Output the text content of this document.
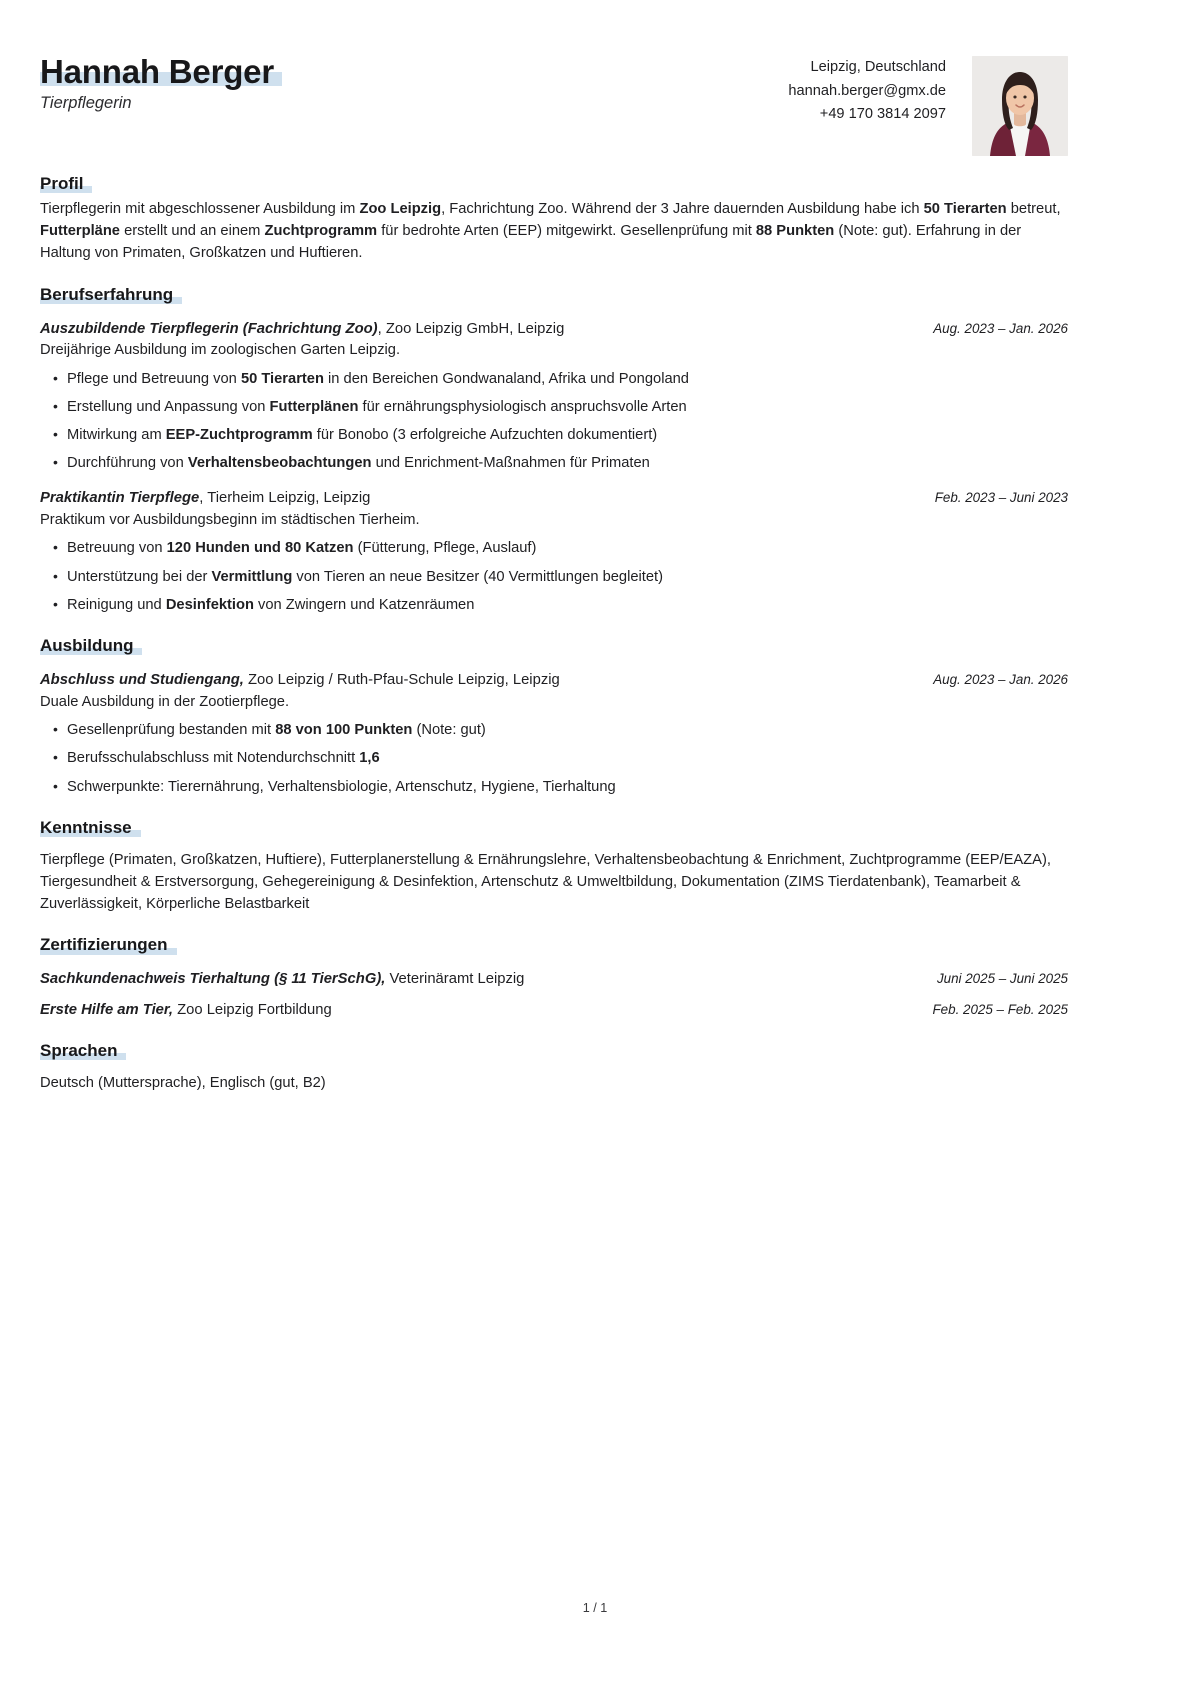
Hannah Berger
Tierpflegerin
Leipzig, Deutschland
hannah.berger@gmx.de
+49 170 3814 2097
Profil
Tierpflegerin mit abgeschlossener Ausbildung im Zoo Leipzig, Fachrichtung Zoo. Während der 3 Jahre dauernden Ausbildung habe ich 50 Tierarten betreut, Futterpläne erstellt und an einem Zuchtprogramm für bedrohte Arten (EEP) mitgewirkt. Gesellenprüfung mit 88 Punkten (Note: gut). Erfahrung in der Haltung von Primaten, Großkatzen und Huftieren.
Berufserfahrung
Auszubildende Tierpflegerin (Fachrichtung Zoo), Zoo Leipzig GmbH, Leipzig	Aug. 2023 – Jan. 2026
Dreijährige Ausbildung im zoologischen Garten Leipzig.
• Pflege und Betreuung von 50 Tierarten in den Bereichen Gondwanaland, Afrika und Pongoland
• Erstellung und Anpassung von Futterplänen für ernährungsphysiologisch anspruchsvolle Arten
• Mitwirkung am EEP-Zuchtprogramm für Bonobo (3 erfolgreiche Aufzuchten dokumentiert)
• Durchführung von Verhaltensbeobachtungen und Enrichment-Maßnahmen für Primaten
Praktikantin Tierpflege, Tierheim Leipzig, Leipzig	Feb. 2023 – Juni 2023
Praktikum vor Ausbildungsbeginn im städtischen Tierheim.
• Betreuung von 120 Hunden und 80 Katzen (Fütterung, Pflege, Auslauf)
• Unterstützung bei der Vermittlung von Tieren an neue Besitzer (40 Vermittlungen begleitet)
• Reinigung und Desinfektion von Zwingern und Katzenräumen
Ausbildung
Abschluss und Studiengang, Zoo Leipzig / Ruth-Pfau-Schule Leipzig, Leipzig	Aug. 2023 – Jan. 2026
Duale Ausbildung in der Zootierpflege.
• Gesellenprüfung bestanden mit 88 von 100 Punkten (Note: gut)
• Berufsschulabschluss mit Notendurchschnitt 1,6
• Schwerpunkte: Tierernährung, Verhaltensbiologie, Artenschutz, Hygiene, Tierhaltung
Kenntnisse
Tierpflege (Primaten, Großkatzen, Huftiere), Futterplanerstellung & Ernährungslehre, Verhaltensbeobachtung & Enrichment, Zuchtprogramme (EEP/EAZA), Tiergesundheit & Erstversorgung, Gehegereinigung & Desinfektion, Artenschutz & Umweltbildung, Dokumentation (ZIMS Tierdatenbank), Teamarbeit & Zuverlässigkeit, Körperliche Belastbarkeit
Zertifizierungen
Sachkundenachweis Tierhaltung (§ 11 TierSchG), Veterinäramt Leipzig	Juni 2025 – Juni 2025
Erste Hilfe am Tier, Zoo Leipzig Fortbildung	Feb. 2025 – Feb. 2025
Sprachen
Deutsch (Muttersprache), Englisch (gut, B2)
1 / 1
